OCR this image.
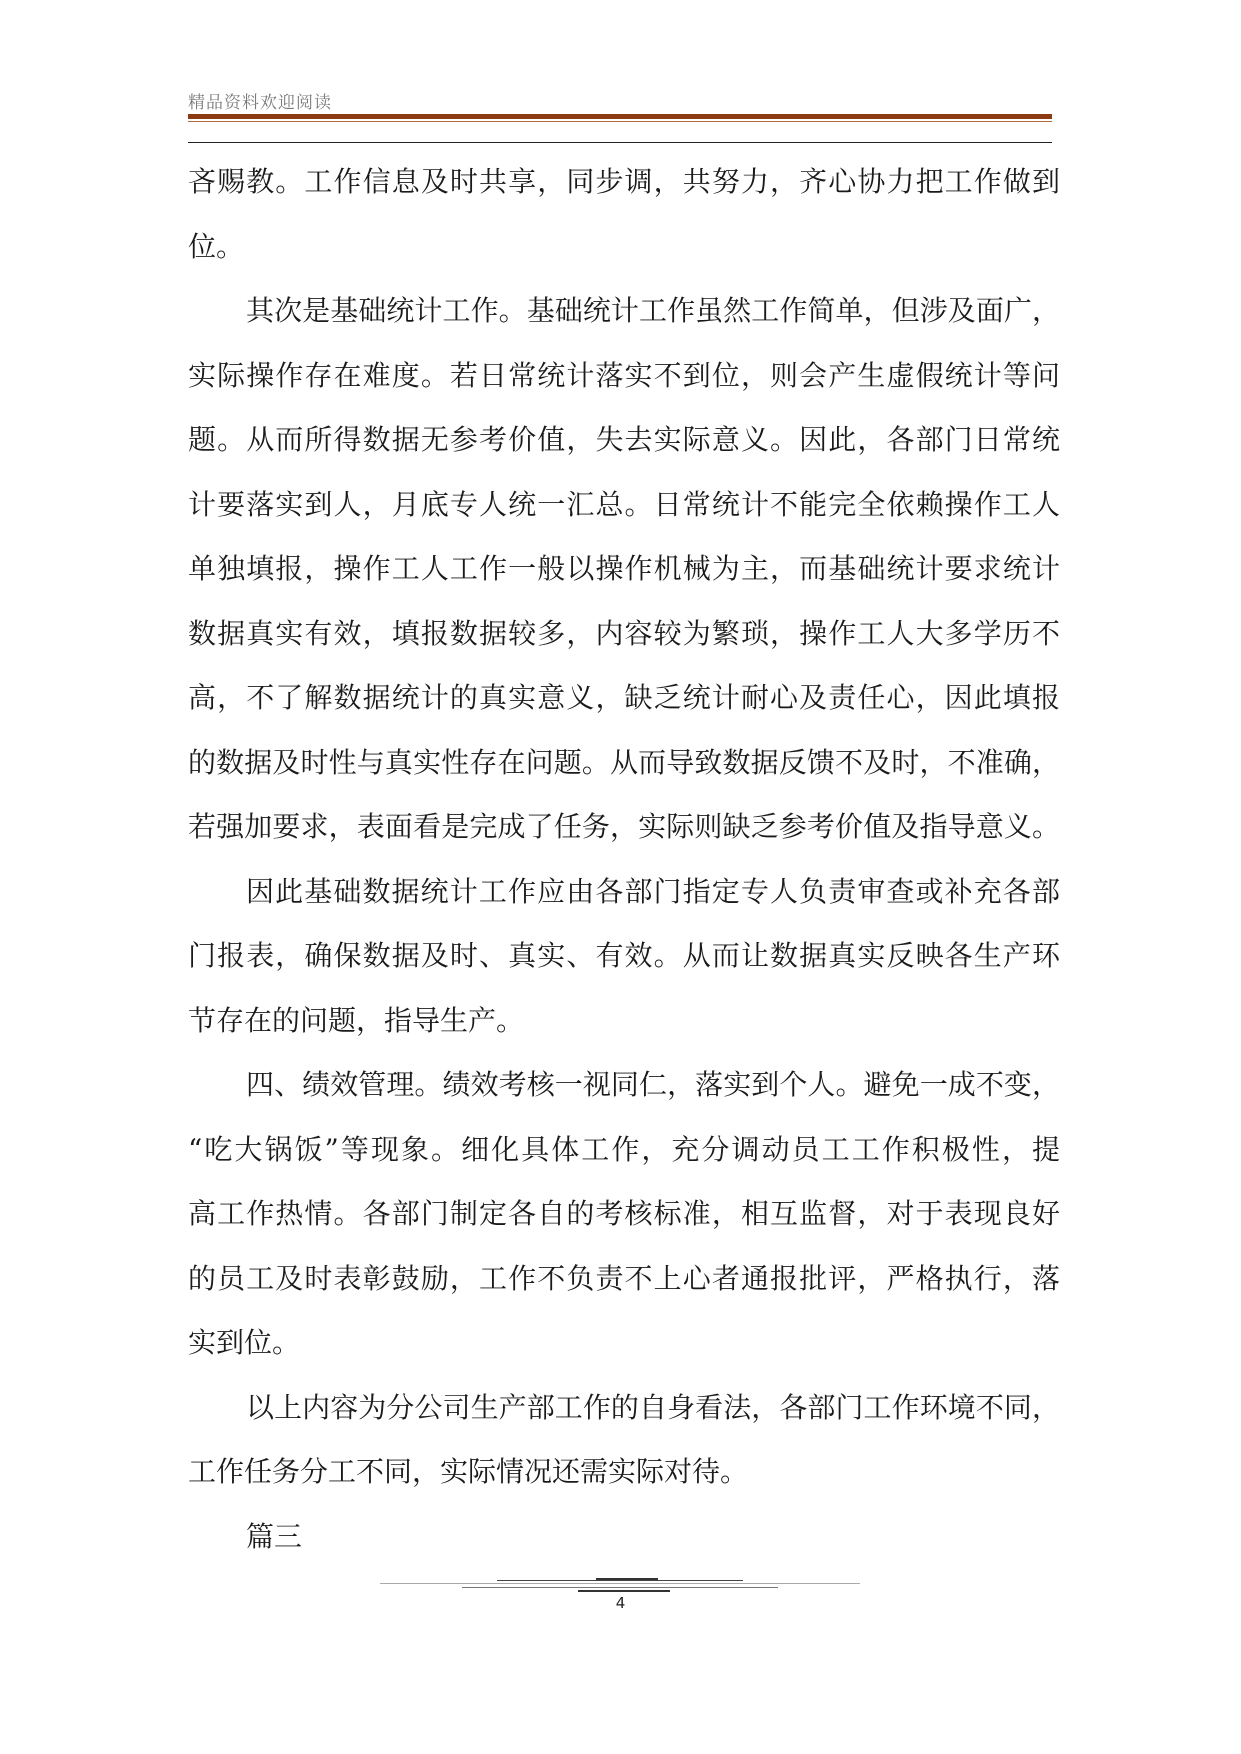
精品资料欢迎阅读
吝赐教。工作信息及时共享，同步调，共努力，齐心协力把工作做到
位。
其次是基础统计工作。基础统计工作虽然工作简单，但涉及面广，
实际操作存在难度。若日常统计落实不到位，则会产生虚假统计等问
题。从而所得数据无参考价值，失去实际意义。因此，各部门日常统
计要落实到人，月底专人统一汇总。日常统计不能完全依赖操作工人
单独填报，操作工人工作一般以操作机械为主，而基础统计要求统计
数据真实有效，填报数据较多，内容较为繁琐，操作工人大多学历不
高，不了解数据统计的真实意义，缺乏统计耐心及责任心，因此填报
的数据及时性与真实性存在问题。从而导致数据反馈不及时，不准确，
若强加要求，表面看是完成了任务，实际则缺乏参考价值及指导意义。
因此基础数据统计工作应由各部门指定专人负责审查或补充各部
门报表，确保数据及时、真实、有效。从而让数据真实反映各生产环
节存在的问题，指导生产。
四、绩效管理。绩效考核一视同仁，落实到个人。避免一成不变，
“吃大锅饭”等现象。细化具体工作，充分调动员工工作积极性，提
高工作热情。各部门制定各自的考核标准，相互监督，对于表现良好
的员工及时表彰鼓励，工作不负责不上心者通报批评，严格执行，落
实到位。
以上内容为分公司生产部工作的自身看法，各部门工作环境不同，
工作任务分工不同，实际情况还需实际对待。
篇三
4
